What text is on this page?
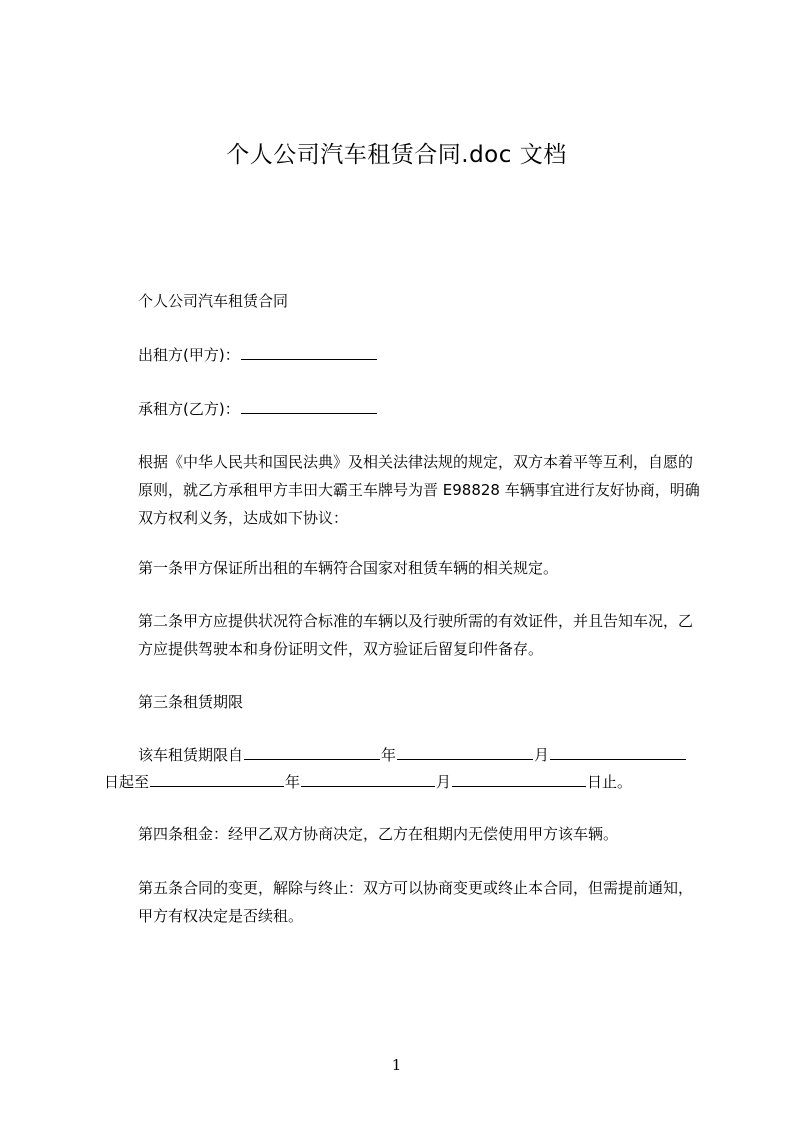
个人公司汽车租赁合同.doc 文档
个人公司汽车租赁合同
出租方(甲方)：
承租方(乙方)：
根据《中华人民共和国民法典》及相关法律法规的规定，双方本着平等互利，自愿的原则，就乙方承租甲方丰田大霸王车牌号为晋 E98828 车辆事宜进行友好协商，明确双方权利义务，达成如下协议：
第一条甲方保证所出租的车辆符合国家对租赁车辆的相关规定。
第二条甲方应提供状况符合标准的车辆以及行驶所需的有效证件，并且告知车况，乙方应提供驾驶本和身份证明文件，双方验证后留复印件备存。
第三条租赁期限
该车租赁期限自	年	月
日起至	年	月	日止。
第四条租金：经甲乙双方协商决定，乙方在租期内无偿使用甲方该车辆。
第五条合同的变更，解除与终止：双方可以协商变更或终止本合同，但需提前通知，甲方有权决定是否续租。
1
